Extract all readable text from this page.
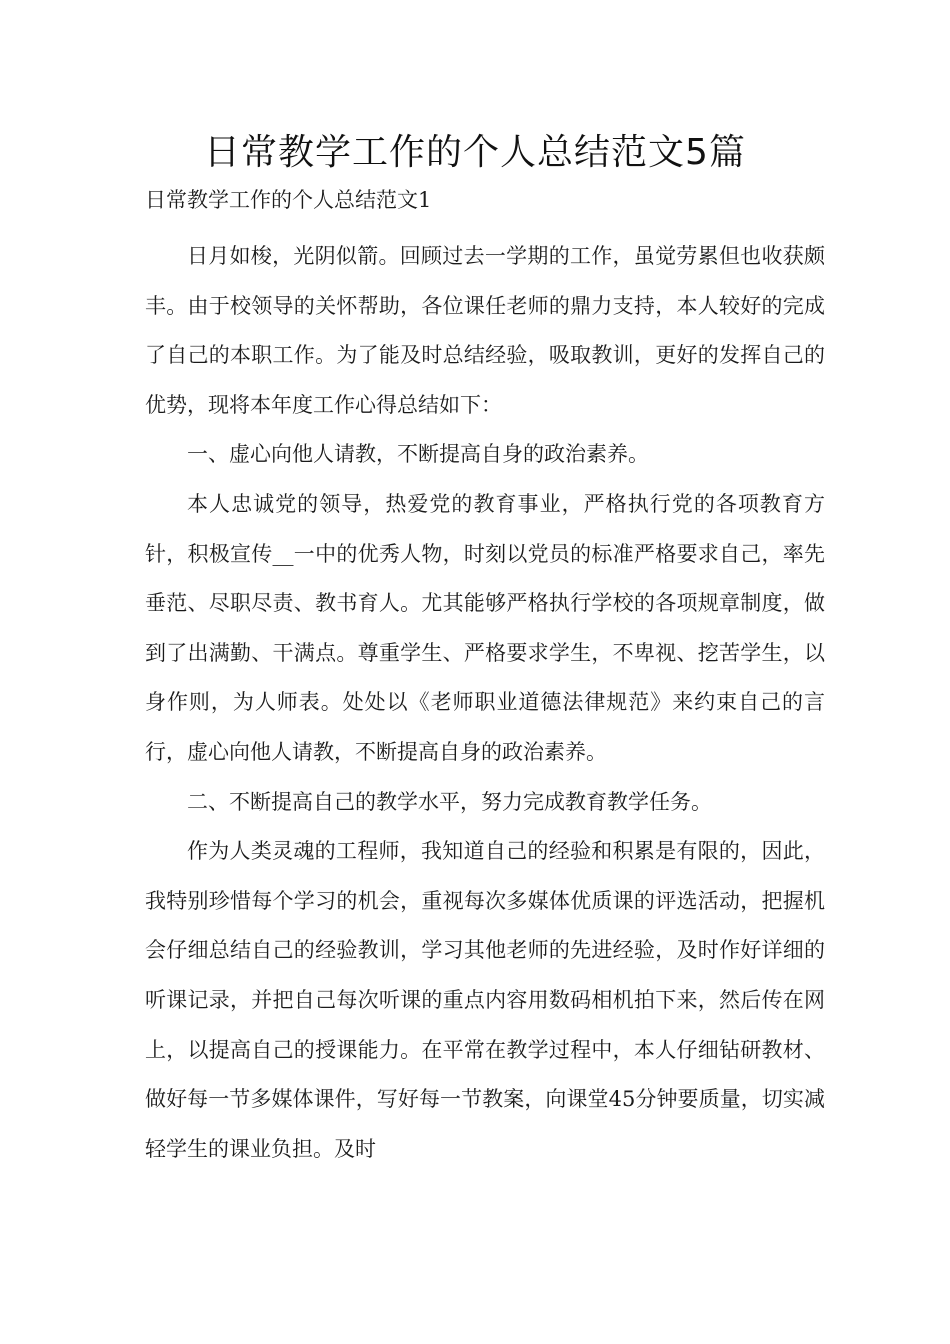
日常教学工作的个人总结范文5篇
日常教学工作的个人总结范文1

日月如梭，光阴似箭。回顾过去一学期的工作，虽觉劳累但也收获颇丰。由于校领导的关怀帮助，各位课任老师的鼎力支持，本人较好的完成了自己的本职工作。为了能及时总结经验，吸取教训，更好的发挥自己的优势，现将本年度工作心得总结如下：

一、虚心向他人请教，不断提高自身的政治素养。

本人忠诚党的领导，热爱党的教育事业，严格执行党的各项教育方针，积极宣传__一中的优秀人物，时刻以党员的标准严格要求自己，率先垂范、尽职尽责、教书育人。尤其能够严格执行学校的各项规章制度，做到了出满勤、干满点。尊重学生、严格要求学生，不卑视、挖苦学生，以身作则，为人师表。处处以《老师职业道德法律规范》来约束自己的言行，虚心向他人请教，不断提高自身的政治素养。

二、不断提高自己的教学水平，努力完成教育教学任务。

作为人类灵魂的工程师，我知道自己的经验和积累是有限的，因此，我特别珍惜每个学习的机会，重视每次多媒体优质课的评选活动，把握机会仔细总结自己的经验教训，学习其他老师的先进经验，及时作好详细的听课记录，并把自己每次听课的重点内容用数码相机拍下来，然后传在网上，以提高自己的授课能力。在平常在教学过程中，本人仔细钻研教材、做好每一节多媒体课件，写好每一节教案，向课堂45分钟要质量，切实减轻学生的课业负担。及时
